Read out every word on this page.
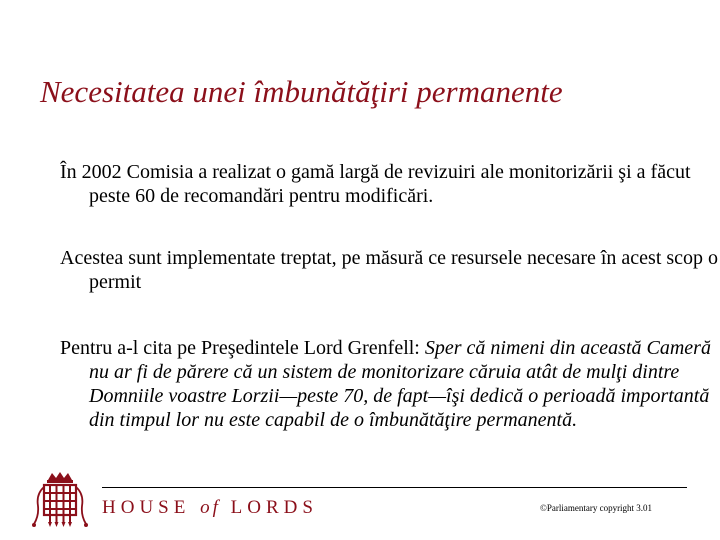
Necesitatea unei îmbunătăţiri permanente

În 2002 Comisia a realizat o gamă largă de revizuiri ale monitorizării şi a făcut peste 60 de recomandări pentru modificări.

Acestea sunt implementate treptat, pe măsură ce resursele necesare în acest scop o permit

Pentru a-l cita pe Preşedintele Lord Grenfell: Sper că nimeni din această Cameră nu ar fi de părere că un sistem de monitorizare căruia atât de mulţi dintre Domniile voastre Lorzii—peste 70, de fapt—îşi dedică o perioadă importantă din timpul lor nu este capabil de o îmbunătăţire permanentă.

HOUSE of LORDS	©Parliamentary copyright 3.01
